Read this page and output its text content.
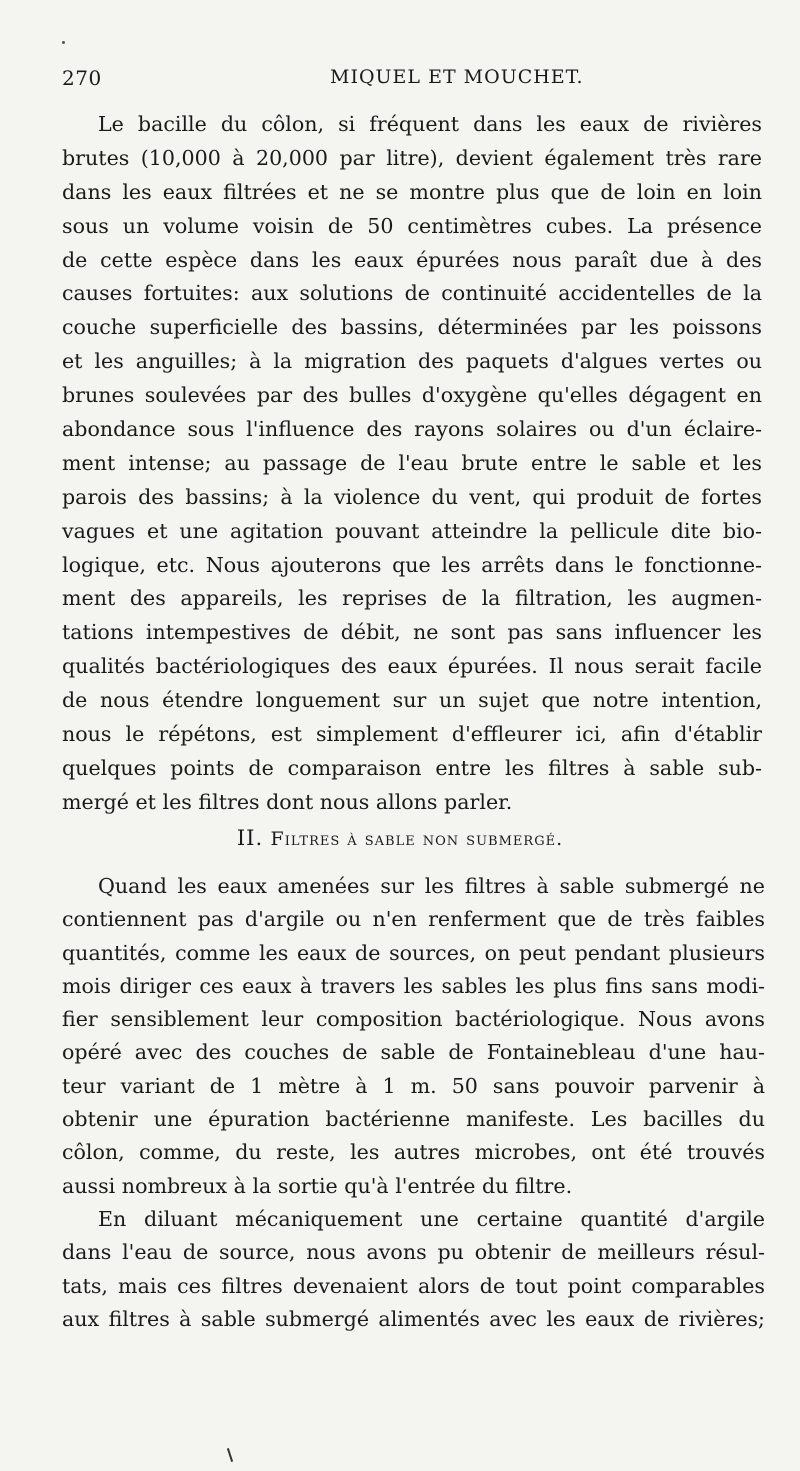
270	MIQUEL ET MOUCHET.
Le bacille du côlon, si fréquent dans les eaux de rivières
brutes (10,000 à 20,000 par litre), devient également très rare
dans les eaux filtrées et ne se montre plus que de loin en loin
sous un volume voisin de 50 centimètres cubes. La présence
de cette espèce dans les eaux épurées nous paraît due à des
causes fortuites: aux solutions de continuité accidentelles de la
couche superficielle des bassins, déterminées par les poissons
et les anguilles; à la migration des paquets d'algues vertes ou
brunes soulevées par des bulles d'oxygène qu'elles dégagent en
abondance sous l'influence des rayons solaires ou d'un éclaire-
ment intense; au passage de l'eau brute entre le sable et les
parois des bassins; à la violence du vent, qui produit de fortes
vagues et une agitation pouvant atteindre la pellicule dite bio-
logique, etc. Nous ajouterons que les arrêts dans le fonctionne-
ment des appareils, les reprises de la filtration, les augmen-
tations intempestives de débit, ne sont pas sans influencer les
qualités bactériologiques des eaux épurées. Il nous serait facile
de nous étendre longuement sur un sujet que notre intention,
nous le répétons, est simplement d'effleurer ici, afin d'établir
quelques points de comparaison entre les filtres à sable sub-
mergé et les filtres dont nous allons parler.
II. Filtres à sable non submergé.
Quand les eaux amenées sur les filtres à sable submergé ne
contiennent pas d'argile ou n'en renferment que de très faibles
quantités, comme les eaux de sources, on peut pendant plusieurs
mois diriger ces eaux à travers les sables les plus fins sans modi-
fier sensiblement leur composition bactériologique. Nous avons
opéré avec des couches de sable de Fontainebleau d'une hau-
teur variant de 1 mètre à 1 m. 50 sans pouvoir parvenir à
obtenir une épuration bactérienne manifeste. Les bacilles du
côlon, comme, du reste, les autres microbes, ont été trouvés
aussi nombreux à la sortie qu'à l'entrée du filtre.
En diluant mécaniquement une certaine quantité d'argile
dans l'eau de source, nous avons pu obtenir de meilleurs résul-
tats, mais ces filtres devenaient alors de tout point comparables
aux filtres à sable submergé alimentés avec les eaux de rivières;
